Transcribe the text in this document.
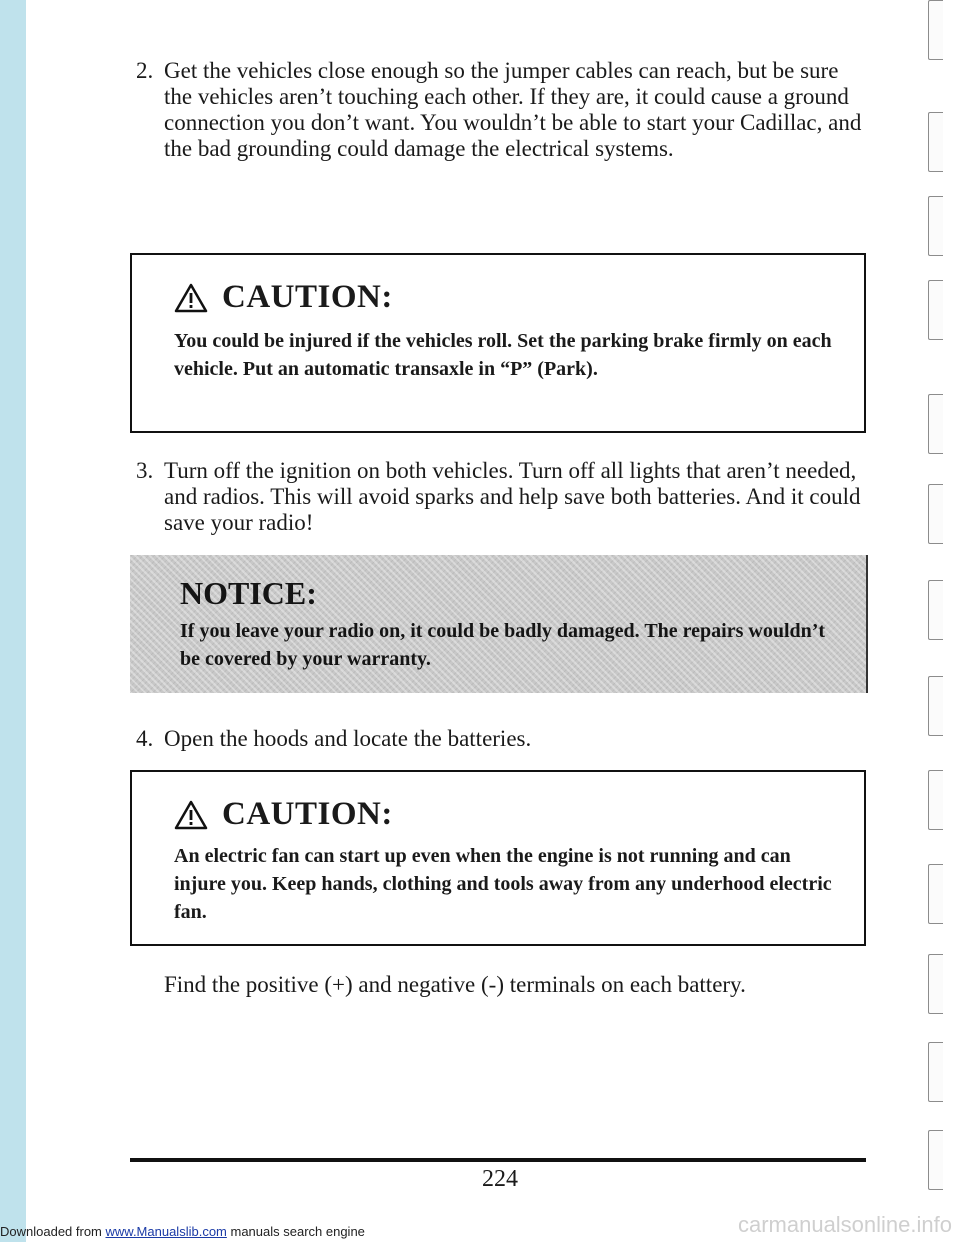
2. Get the vehicles close enough so the jumper cables can reach, but be sure the vehicles aren’t touching each other. If they are, it could cause a ground connection you don’t want. You wouldn’t be able to start your Cadillac, and the bad grounding could damage the electrical systems.
CAUTION:
You could be injured if the vehicles roll. Set the parking brake firmly on each vehicle. Put an automatic transaxle in “P” (Park).
3. Turn off the ignition on both vehicles. Turn off all lights that aren’t needed, and radios. This will avoid sparks and help save both batteries. And it could save your radio!
NOTICE:
If you leave your radio on, it could be badly damaged. The repairs wouldn’t be covered by your warranty.
4. Open the hoods and locate the batteries.
CAUTION:
An electric fan can start up even when the engine is not running and can injure you. Keep hands, clothing and tools away from any underhood electric fan.
Find the positive (+) and negative (-) terminals on each battery.
224
Downloaded from www.Manualslib.com manuals search engine	carmanualsonline.info
